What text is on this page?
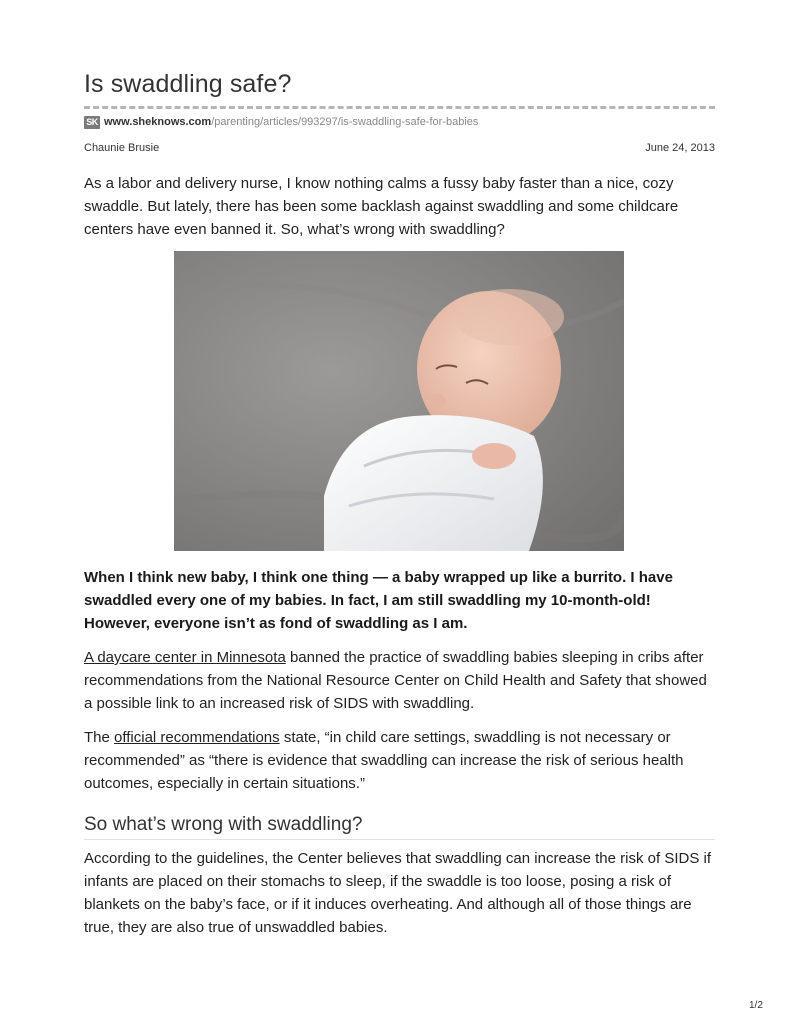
Is swaddling safe?
SK www.sheknows.com /parenting/articles/993297/is-swaddling-safe-for-babies
Chaunie Brusie	June 24, 2013

As a labor and delivery nurse, I know nothing calms a fussy baby faster than a nice, cozy swaddle. But lately, there has been some backlash against swaddling and some childcare centers have even banned it. So, what’s wrong with swaddling?

When I think new baby, I think one thing — a baby wrapped up like a burrito. I have swaddled every one of my babies. In fact, I am still swaddling my 10-month-old! However, everyone isn’t as fond of swaddling as I am.

A daycare center in Minnesota banned the practice of swaddling babies sleeping in cribs after recommendations from the National Resource Center on Child Health and Safety that showed a possible link to an increased risk of SIDS with swaddling.

The official recommendations state, “in child care settings, swaddling is not necessary or recommended” as “there is evidence that swaddling can increase the risk of serious health outcomes, especially in certain situations.”

So what’s wrong with swaddling?

According to the guidelines, the Center believes that swaddling can increase the risk of SIDS if infants are placed on their stomachs to sleep, if the swaddle is too loose, posing a risk of blankets on the baby’s face, or if it induces overheating. And although all of those things are true, they are also true of unswaddled babies.

1/2
